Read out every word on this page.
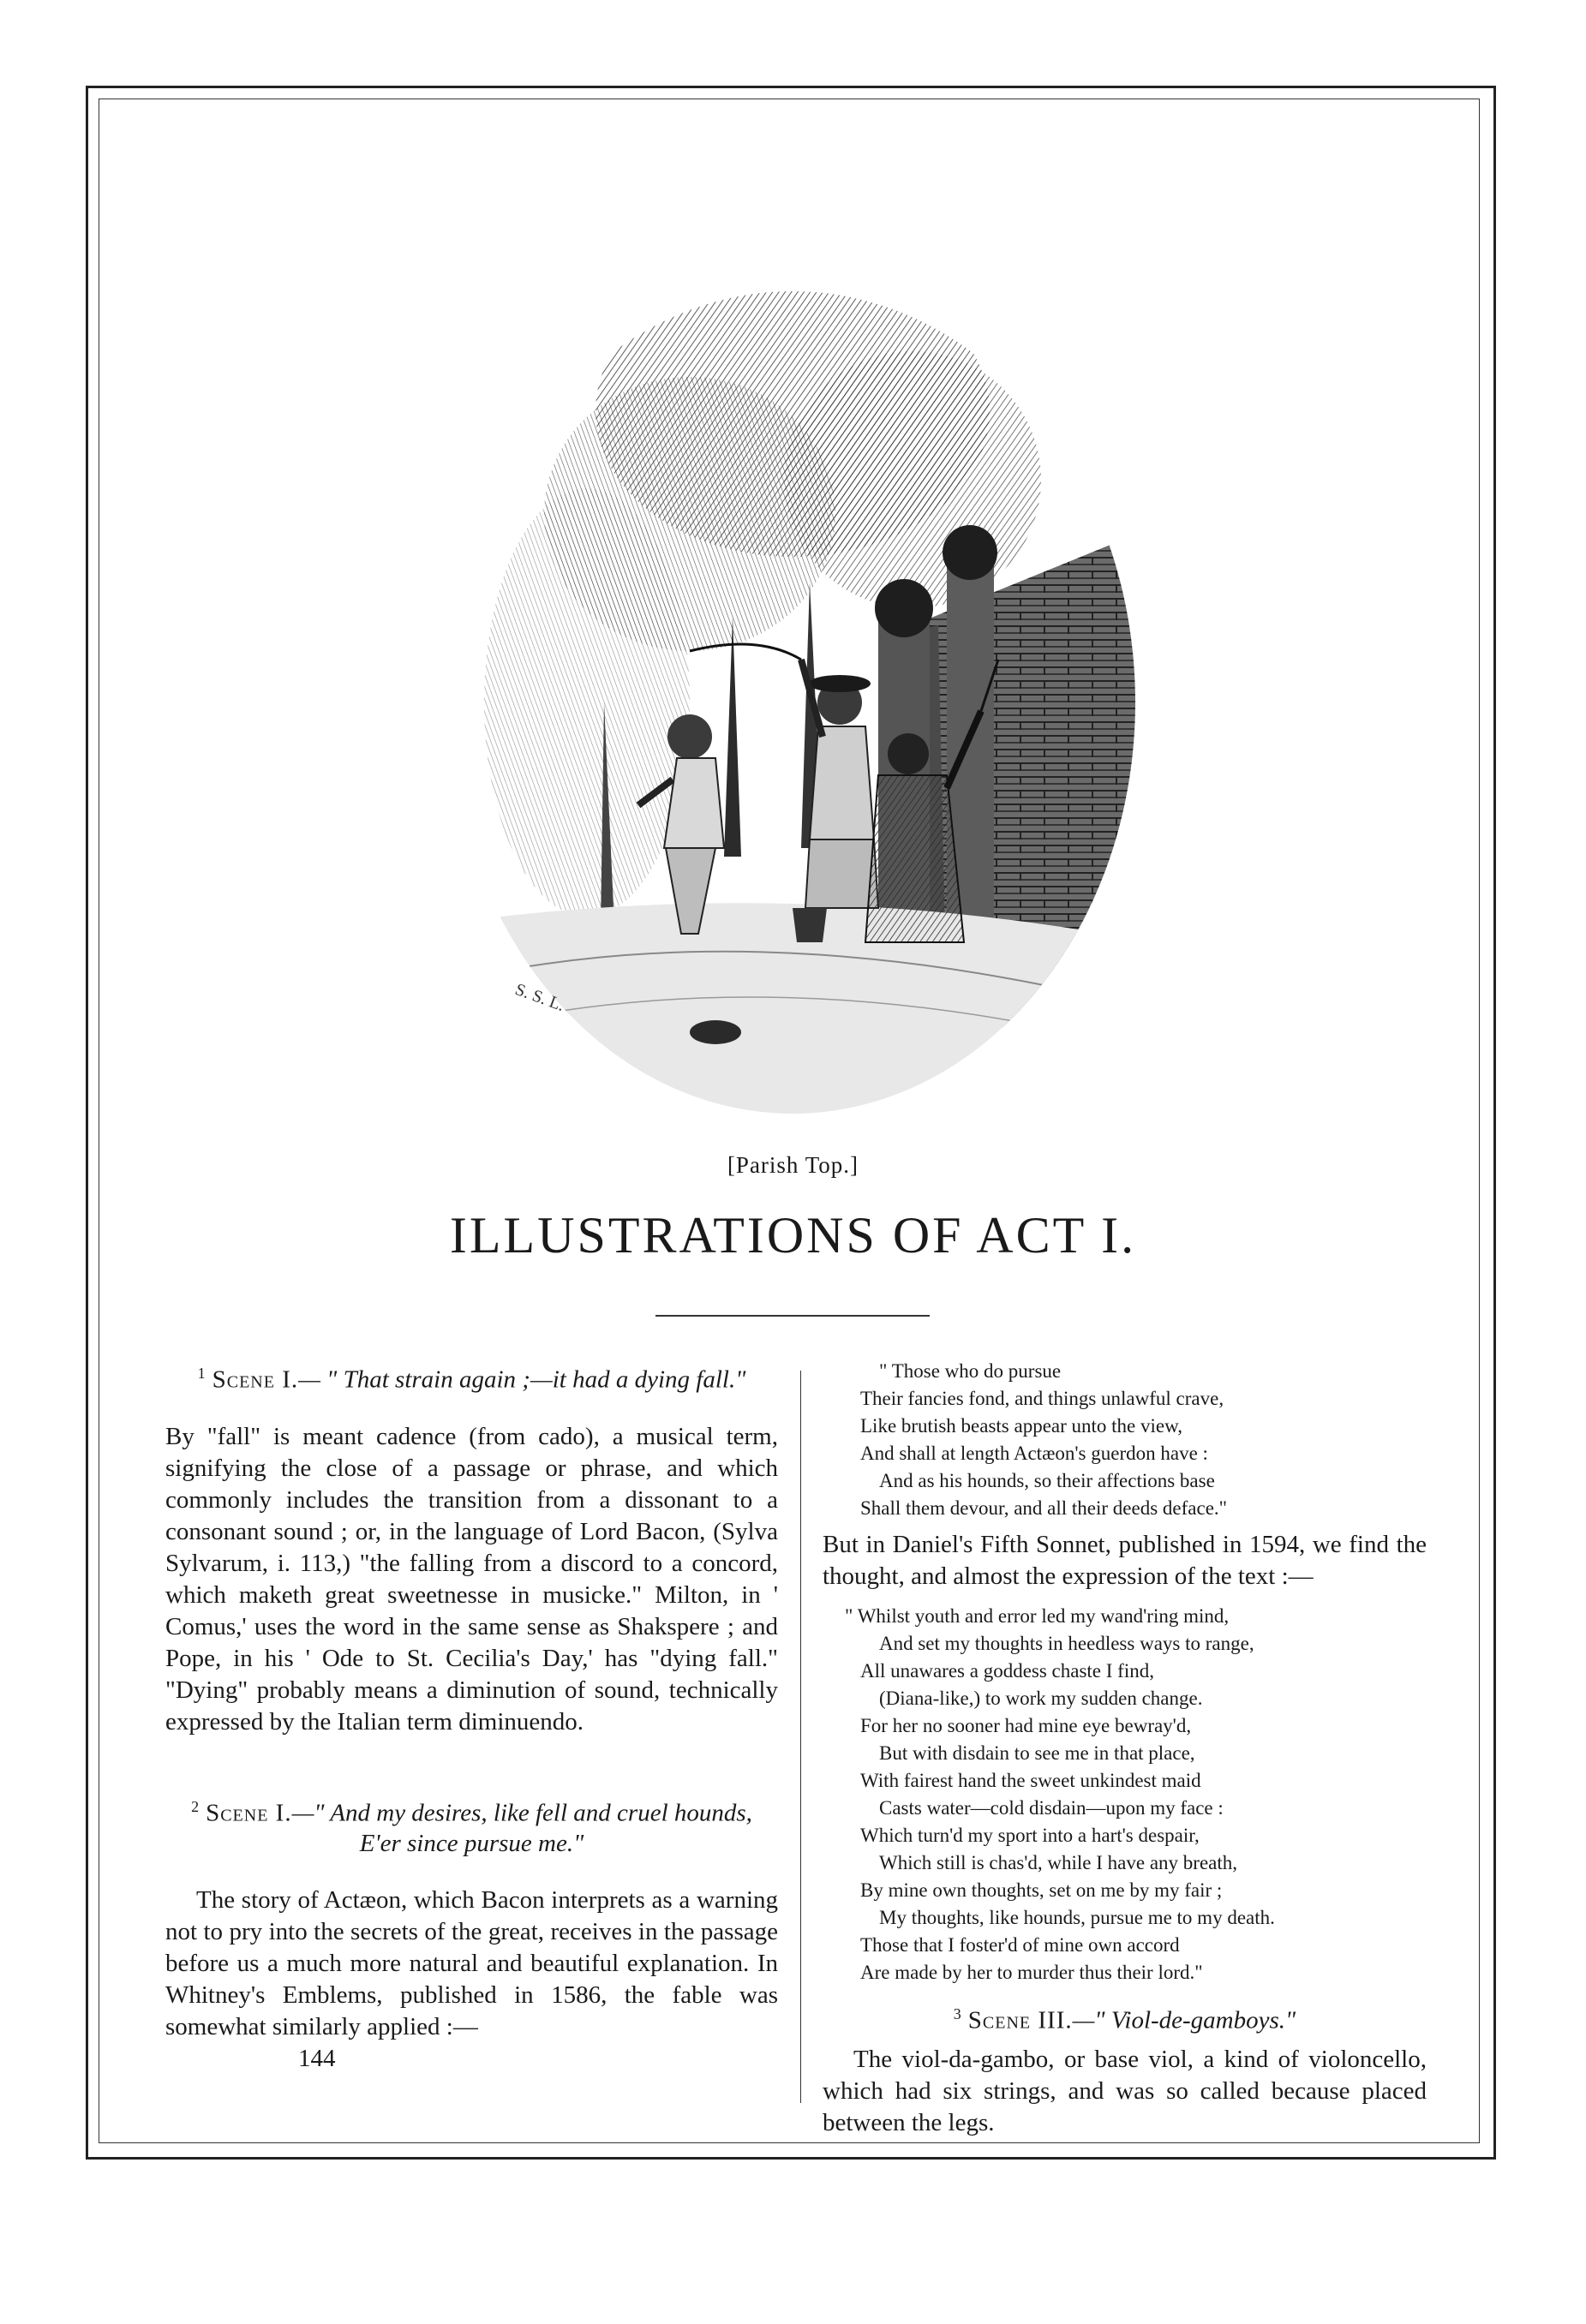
S. S. L.
[Parish Top.]
ILLUSTRATIONS OF ACT I.

$^1$ Scene I.— " That strain again ;—it had a dying fall."

By "fall" is meant cadence (from cado), a musical term, signifying the close of a passage or phrase, and which commonly includes the transition from a dissonant to a consonant sound ; or, in the language of Lord Bacon, (Sylva Sylvarum, i. 113,) "the falling from a discord to a concord, which maketh great sweetnesse in musicke." Milton, in ' Comus,' uses the word in the same sense as Shakspere ; and Pope, in his ' Ode to St. Cecilia's Day,' has "dying fall." "Dying" probably means a diminution of sound, technically expressed by the Italian term diminuendo.

$^2$ Scene I.—" And my desires, like fell and cruel hounds,
E'er since pursue me."

The story of Actæon, which Bacon interprets as a warning not to pry into the secrets of the great, receives in the passage before us a much more natural and beautiful explanation. In Whitney's Emblems, published in 1586, the fable was somewhat similarly applied :—

144

" Those who do pursue
Their fancies fond, and things unlawful crave,
Like brutish beasts appear unto the view,
And shall at length Actæon's guerdon have :
And as his hounds, so their affections base
Shall them devour, and all their deeds deface."

But in Daniel's Fifth Sonnet, published in 1594, we find the thought, and almost the expression of the text :—

" Whilst youth and error led my wand'ring mind,
And set my thoughts in heedless ways to range,
All unawares a goddess chaste I find,
(Diana-like,) to work my sudden change.
For her no sooner had mine eye bewray'd,
But with disdain to see me in that place,
With fairest hand the sweet unkindest maid
Casts water—cold disdain—upon my face :
Which turn'd my sport into a hart's despair,
Which still is chas'd, while I have any breath,
By mine own thoughts, set on me by my fair ;
My thoughts, like hounds, pursue me to my death.
Those that I foster'd of mine own accord
Are made by her to murder thus their lord."

$^3$ Scene III.—" Viol-de-gamboys."

The viol-da-gambo, or base viol, a kind of violoncello, which had six strings, and was so called because placed between the legs.
